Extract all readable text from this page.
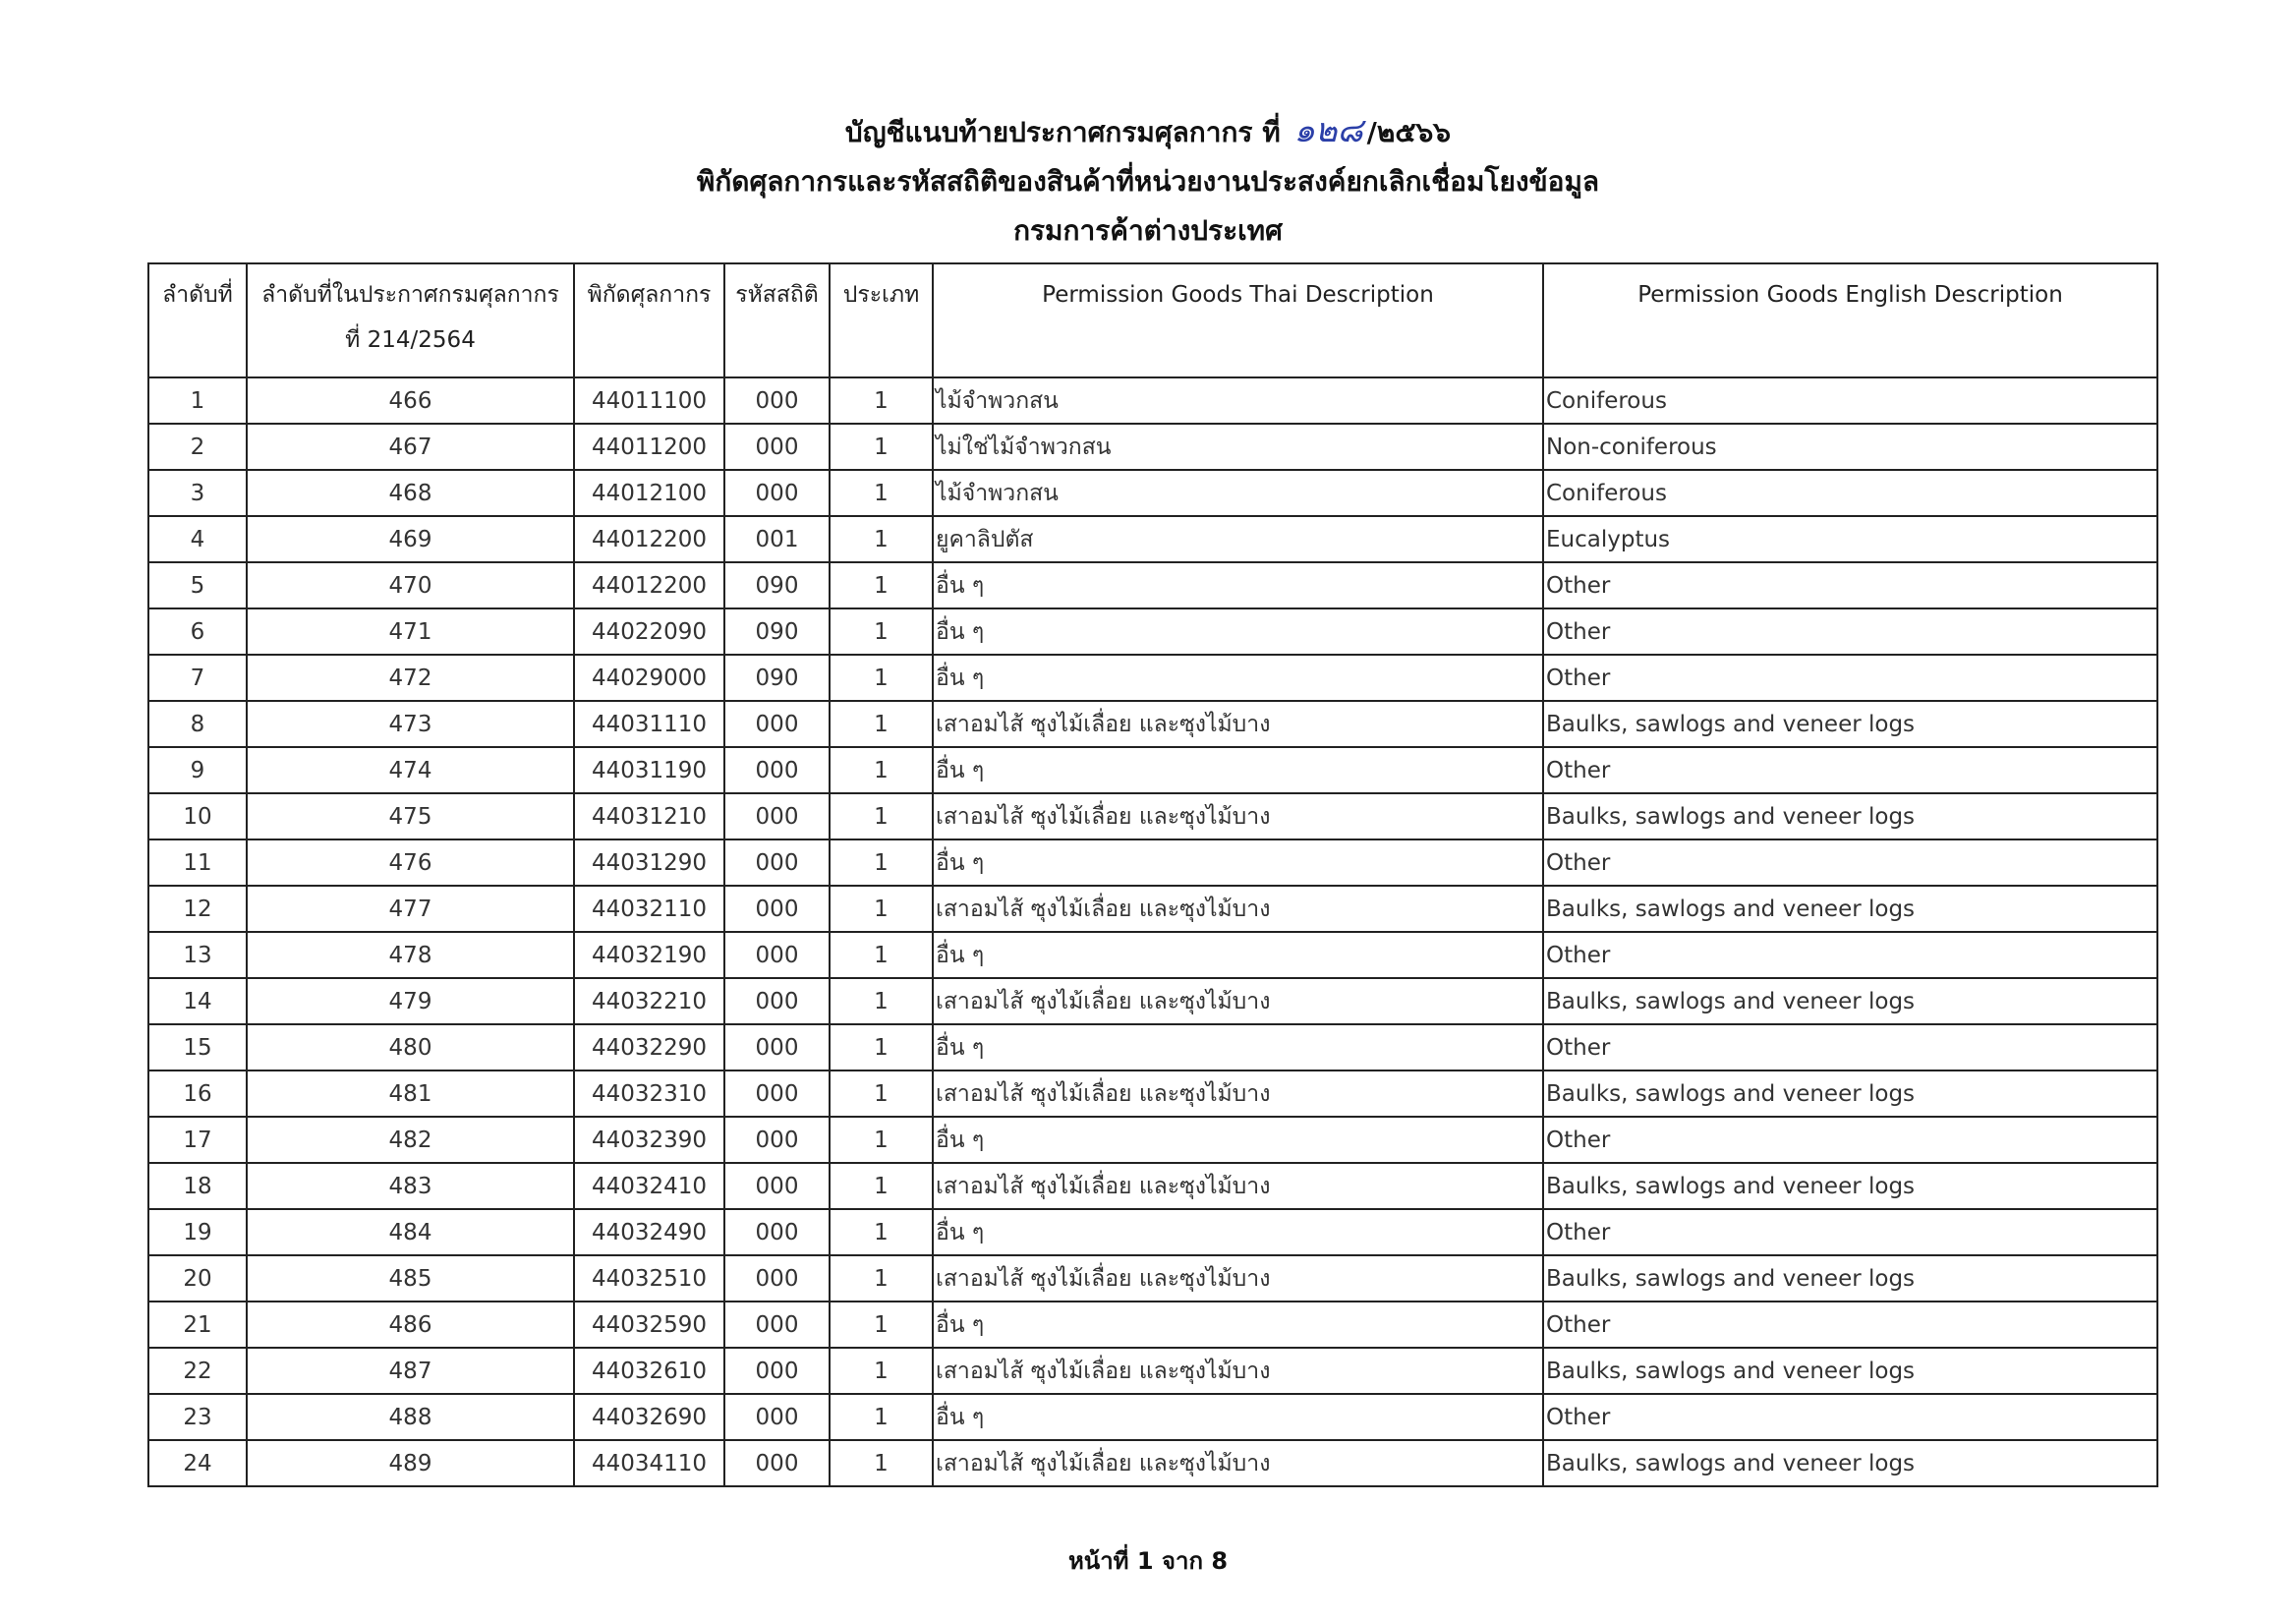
บัญชีแนบท้ายประกาศกรมศุลกากร ที่ ๑๒๘ /๒๕๖๖
พิกัดศุลกากรและรหัสสถิติของสินค้าที่หน่วยงานประสงค์ยกเลิกเชื่อมโยงข้อมูล
กรมการค้าต่างประเทศ
ลำดับที่	ลำดับที่ในประกาศกรมศุลกากร ที่ 214/2564	พิกัดศุลกากร	รหัสสถิติ	ประเภท	Permission Goods Thai Description	Permission Goods English Description
1	466	44011100	000	1	ไม้จำพวกสน	Coniferous
2	467	44011200	000	1	ไม่ใช่ไม้จำพวกสน	Non-coniferous
3	468	44012100	000	1	ไม้จำพวกสน	Coniferous
4	469	44012200	001	1	ยูคาลิปตัส	Eucalyptus
5	470	44012200	090	1	อื่น ๆ	Other
6	471	44022090	090	1	อื่น ๆ	Other
7	472	44029000	090	1	อื่น ๆ	Other
8	473	44031110	000	1	เสาอมไส้ ซุงไม้เลื่อย และซุงไม้บาง	Baulks, sawlogs and veneer logs
9	474	44031190	000	1	อื่น ๆ	Other
10	475	44031210	000	1	เสาอมไส้ ซุงไม้เลื่อย และซุงไม้บาง	Baulks, sawlogs and veneer logs
11	476	44031290	000	1	อื่น ๆ	Other
12	477	44032110	000	1	เสาอมไส้ ซุงไม้เลื่อย และซุงไม้บาง	Baulks, sawlogs and veneer logs
13	478	44032190	000	1	อื่น ๆ	Other
14	479	44032210	000	1	เสาอมไส้ ซุงไม้เลื่อย และซุงไม้บาง	Baulks, sawlogs and veneer logs
15	480	44032290	000	1	อื่น ๆ	Other
16	481	44032310	000	1	เสาอมไส้ ซุงไม้เลื่อย และซุงไม้บาง	Baulks, sawlogs and veneer logs
17	482	44032390	000	1	อื่น ๆ	Other
18	483	44032410	000	1	เสาอมไส้ ซุงไม้เลื่อย และซุงไม้บาง	Baulks, sawlogs and veneer logs
19	484	44032490	000	1	อื่น ๆ	Other
20	485	44032510	000	1	เสาอมไส้ ซุงไม้เลื่อย และซุงไม้บาง	Baulks, sawlogs and veneer logs
21	486	44032590	000	1	อื่น ๆ	Other
22	487	44032610	000	1	เสาอมไส้ ซุงไม้เลื่อย และซุงไม้บาง	Baulks, sawlogs and veneer logs
23	488	44032690	000	1	อื่น ๆ	Other
24	489	44034110	000	1	เสาอมไส้ ซุงไม้เลื่อย และซุงไม้บาง	Baulks, sawlogs and veneer logs
หน้าที่ 1 จาก 8
